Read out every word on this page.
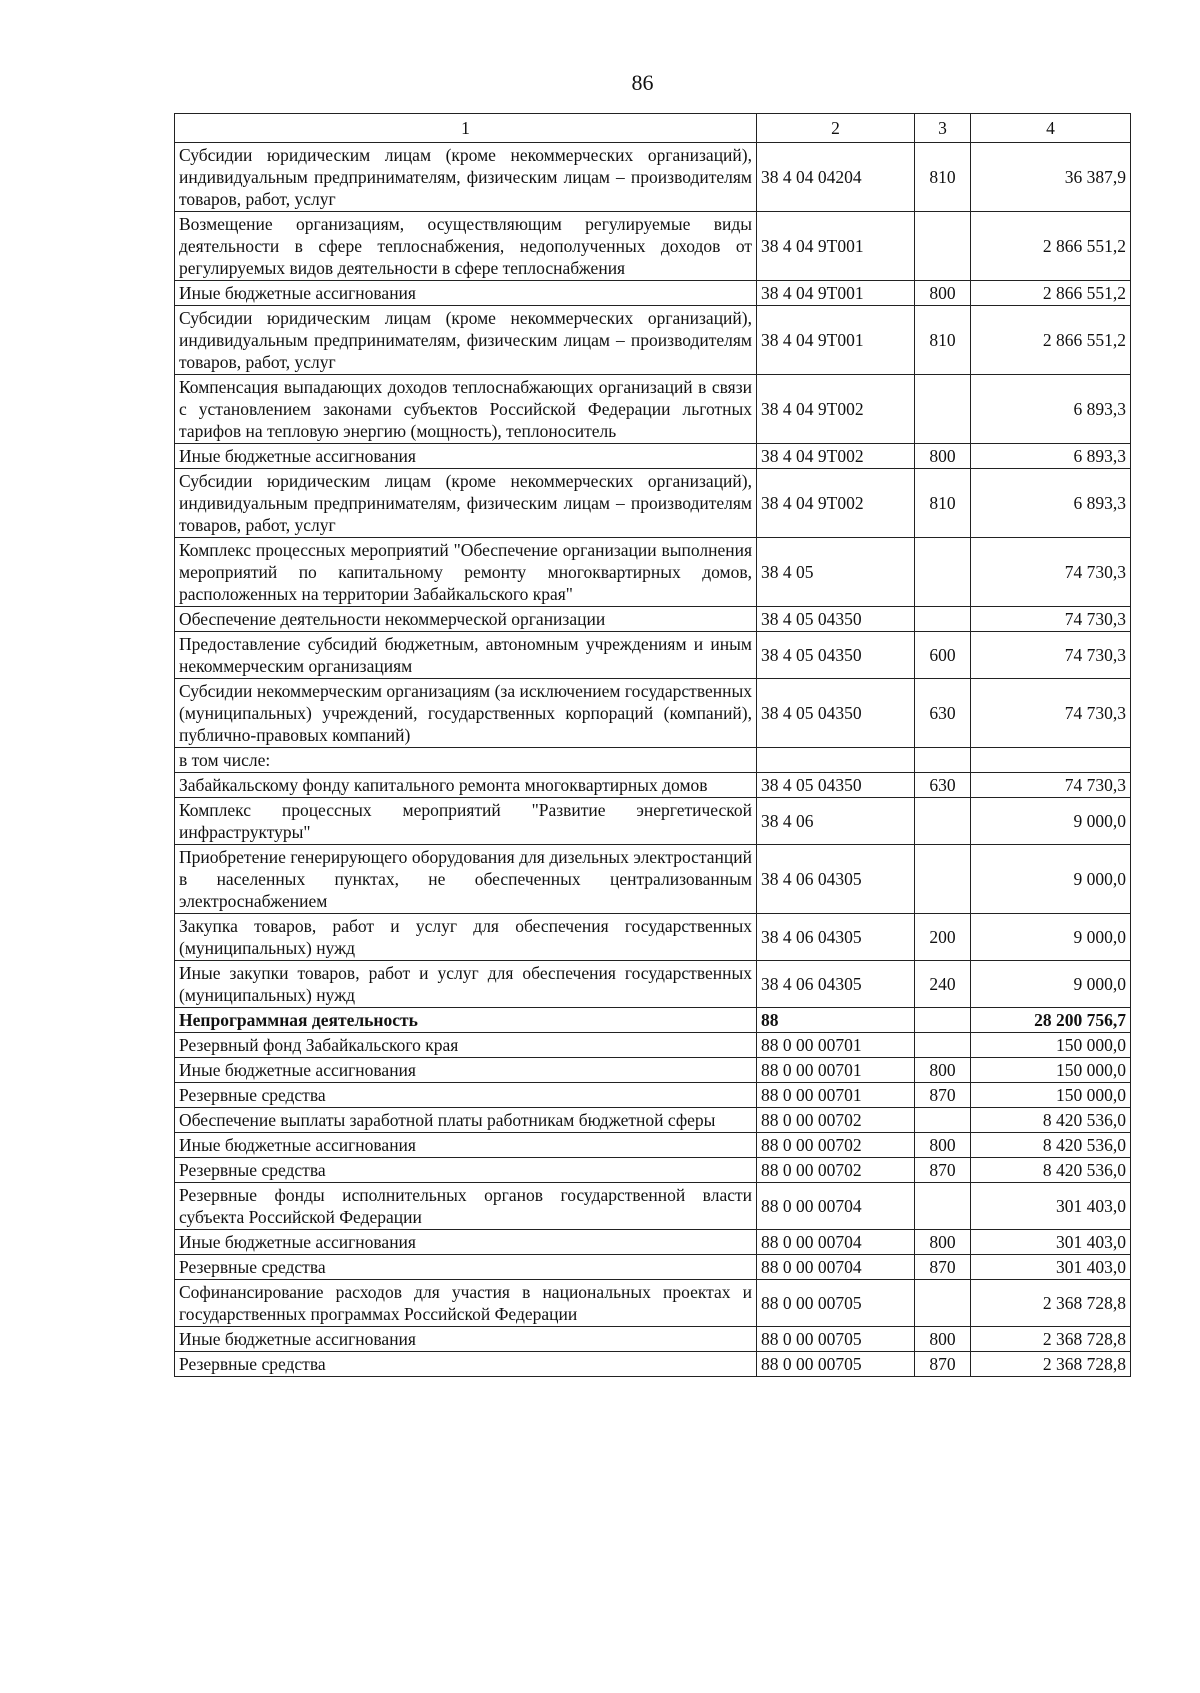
86
1	2	3	4
Субсидии юридическим лицам (кроме некоммерческих организаций), индивидуальным предпринимателям, физическим лицам – производителям товаров, работ, услуг	38 4 04 04204	810	36 387,9
Возмещение организациям, осуществляющим регулируемые виды деятельности в сфере теплоснабжения, недополученных доходов от регулируемых видов деятельности в сфере теплоснабжения	38 4 04 9Т001		2 866 551,2
Иные бюджетные ассигнования	38 4 04 9Т001	800	2 866 551,2
Субсидии юридическим лицам (кроме некоммерческих организаций), индивидуальным предпринимателям, физическим лицам – производителям товаров, работ, услуг	38 4 04 9Т001	810	2 866 551,2
Компенсация выпадающих доходов теплоснабжающих организаций в связи с установлением законами субъектов Российской Федерации льготных тарифов на тепловую энергию (мощность), теплоноситель	38 4 04 9Т002		6 893,3
Иные бюджетные ассигнования	38 4 04 9Т002	800	6 893,3
Субсидии юридическим лицам (кроме некоммерческих организаций), индивидуальным предпринимателям, физическим лицам – производителям товаров, работ, услуг	38 4 04 9Т002	810	6 893,3
Комплекс процессных мероприятий "Обеспечение организации выполнения мероприятий по капитальному ремонту многоквартирных домов, расположенных на территории Забайкальского края"	38 4 05		74 730,3
Обеспечение деятельности некоммерческой организации	38 4 05 04350		74 730,3
Предоставление субсидий бюджетным, автономным учреждениям и иным некоммерческим организациям	38 4 05 04350	600	74 730,3
Субсидии некоммерческим организациям (за исключением государственных (муниципальных) учреждений, государственных корпораций (компаний), публично-правовых компаний)	38 4 05 04350	630	74 730,3
в том числе:			
Забайкальскому фонду капитального ремонта многоквартирных домов	38 4 05 04350	630	74 730,3
Комплекс процессных мероприятий "Развитие энергетической инфраструктуры"	38 4 06		9 000,0
Приобретение генерирующего оборудования для дизельных электростанций в населенных пунктах, не обеспеченных централизованным электроснабжением	38 4 06 04305		9 000,0
Закупка товаров, работ и услуг для обеспечения государственных (муниципальных) нужд	38 4 06 04305	200	9 000,0
Иные закупки товаров, работ и услуг для обеспечения государственных (муниципальных) нужд	38 4 06 04305	240	9 000,0
Непрограммная деятельность	88		28 200 756,7
Резервный фонд Забайкальского края	88 0 00 00701		150 000,0
Иные бюджетные ассигнования	88 0 00 00701	800	150 000,0
Резервные средства	88 0 00 00701	870	150 000,0
Обеспечение выплаты заработной платы работникам бюджетной сферы	88 0 00 00702		8 420 536,0
Иные бюджетные ассигнования	88 0 00 00702	800	8 420 536,0
Резервные средства	88 0 00 00702	870	8 420 536,0
Резервные фонды исполнительных органов государственной власти субъекта Российской Федерации	88 0 00 00704		301 403,0
Иные бюджетные ассигнования	88 0 00 00704	800	301 403,0
Резервные средства	88 0 00 00704	870	301 403,0
Софинансирование расходов для участия в национальных проектах и государственных программах Российской Федерации	88 0 00 00705		2 368 728,8
Иные бюджетные ассигнования	88 0 00 00705	800	2 368 728,8
Резервные средства	88 0 00 00705	870	2 368 728,8
